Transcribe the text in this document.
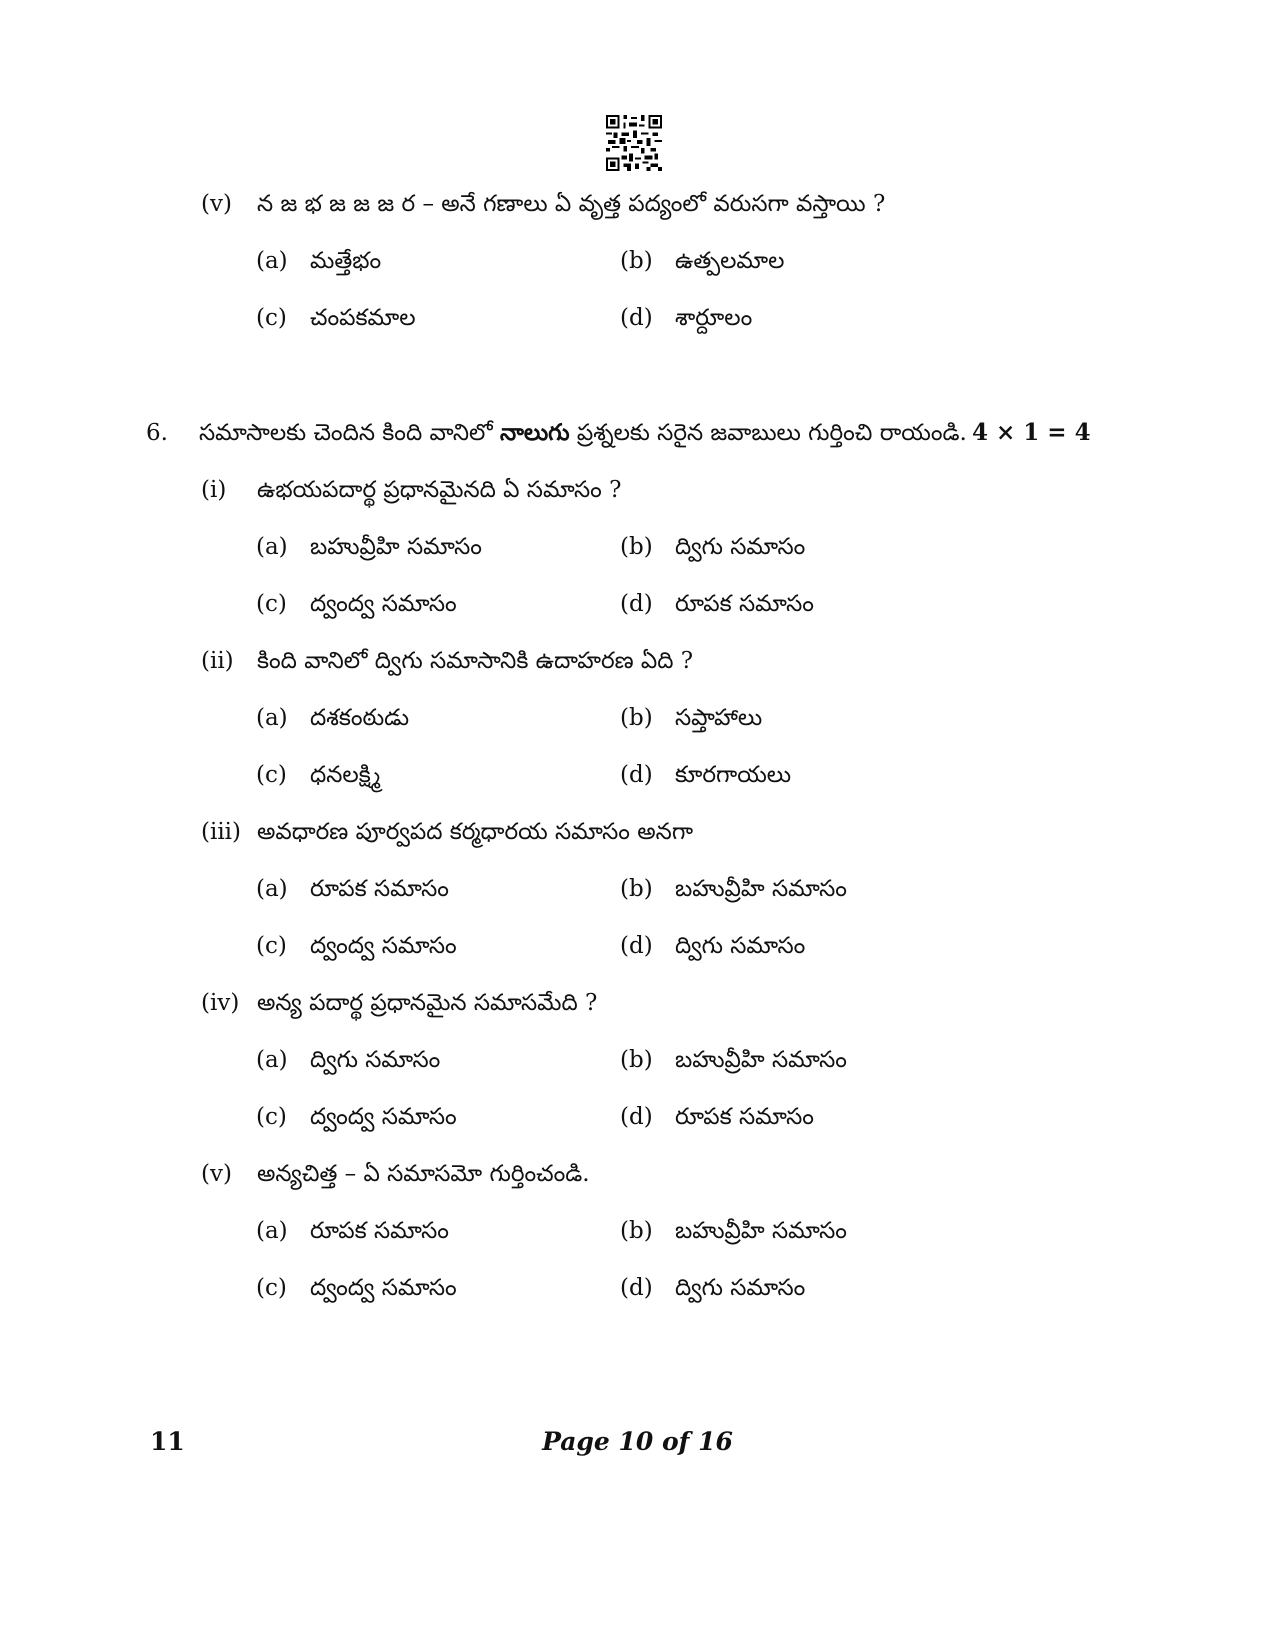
(v) న జ భ జ జ జ ర – అనే గణాలు ఏ వృత్త పద్యంలో వరుసగా వస్తాయి ?
(a) మత్తేభం	(b) ఉత్పలమాల
(c) చంపకమాల	(d) శార్దూలం
6. సమాసాలకు చెందిన కింది వానిలో నాలుగు ప్రశ్నలకు సరైన జవాబులు గుర్తించి రాయండి. 4 × 1 = 4
(i) ఉభయపదార్థ ప్రధానమైనది ఏ సమాసం ?
(a) బహువ్రీహి సమాసం	(b) ద్విగు సమాసం
(c) ద్వంద్వ సమాసం	(d) రూపక సమాసం
(ii) కింది వానిలో ద్విగు సమాసానికి ఉదాహరణ ఏది ?
(a) దశకంఠుడు	(b) సప్తాహాలు
(c) ధనలక్ష్మి	(d) కూరగాయలు
(iii) అవధారణ పూర్వపద కర్మధారయ సమాసం అనగా
(a) రూపక సమాసం	(b) బహువ్రీహి సమాసం
(c) ద్వంద్వ సమాసం	(d) ద్విగు సమాసం
(iv) అన్య పదార్థ ప్రధానమైన సమాసమేది ?
(a) ద్విగు సమాసం	(b) బహువ్రీహి సమాసం
(c) ద్వంద్వ సమాసం	(d) రూపక సమాసం
(v) అన్యచిత్త – ఏ సమాసమో గుర్తించండి.
(a) రూపక సమాసం	(b) బహువ్రీహి సమాసం
(c) ద్వంద్వ సమాసం	(d) ద్విగు సమాసం
11	Page 10 of 16
